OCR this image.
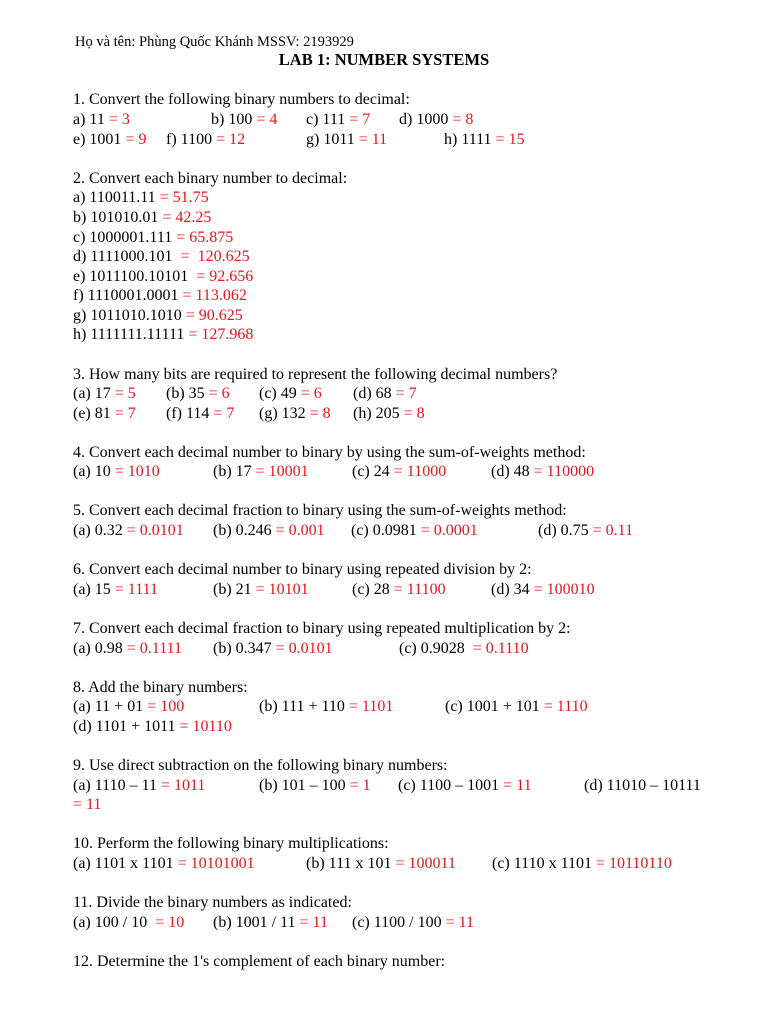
Họ và tên: Phùng Quốc Khánh MSSV: 2193929
LAB 1: NUMBER SYSTEMS
1. Convert the following binary numbers to decimal:
a) 11 = 3	b) 100 = 4 c) 111 = 7 d) 1000 = 8
e) 1001 = 9 f) 1100 = 12	g) 1011 = 11	h) 1111 = 15
2. Convert each binary number to decimal:
a) 110011.11 = 51.75
b) 101010.01 = 42.25
c) 1000001.111 = 65.875
d) 1111000.101  =  120.625
e) 1011100.10101  = 92.656
f) 1110001.0001 = 113.062
g) 1011010.1010 = 90.625
h) 1111111.11111 = 127.968
3. How many bits are required to represent the following decimal numbers?
(a) 17 = 5 (b) 35 = 6 (c) 49 = 6 (d) 68 = 7
(e) 81 = 7 (f) 114 = 7 (g) 132 = 8 (h) 205 = 8
4. Convert each decimal number to binary by using the sum-of-weights method:
(a) 10 = 1010	(b) 17 = 10001	(c) 24 = 11000	(d) 48 = 110000
5. Convert each decimal fraction to binary using the sum-of-weights method:
(a) 0.32 = 0.0101 (b) 0.246 = 0.001 (c) 0.0981 = 0.0001	(d) 0.75 = 0.11
6. Convert each decimal number to binary using repeated division by 2:
(a) 15 = 1111	(b) 21 = 10101	(c) 28 = 11100	(d) 34 = 100010
7. Convert each decimal fraction to binary using repeated multiplication by 2:
(a) 0.98 = 0.1111 (b) 0.347 = 0.0101	(c) 0.9028  = 0.1110
8. Add the binary numbers:
(a) 11 + 01 = 100	(b) 111 + 110 = 1101	(c) 1001 + 101 = 1110
(d) 1101 + 1011 = 10110
9. Use direct subtraction on the following binary numbers:
(a) 1110 – 11 = 1011	(b) 101 – 100 = 1 (c) 1100 – 1001 = 11	(d) 11010 – 10111
= 11
10. Perform the following binary multiplications:
(a) 1101 x 1101 = 10101001	(b) 111 x 101 = 100011 (c) 1110 x 1101 = 10110110
11. Divide the binary numbers as indicated:
(a) 100 / 10  = 10 (b) 1001 / 11 = 11 (c) 1100 / 100 = 11
12. Determine the 1's complement of each binary number:
